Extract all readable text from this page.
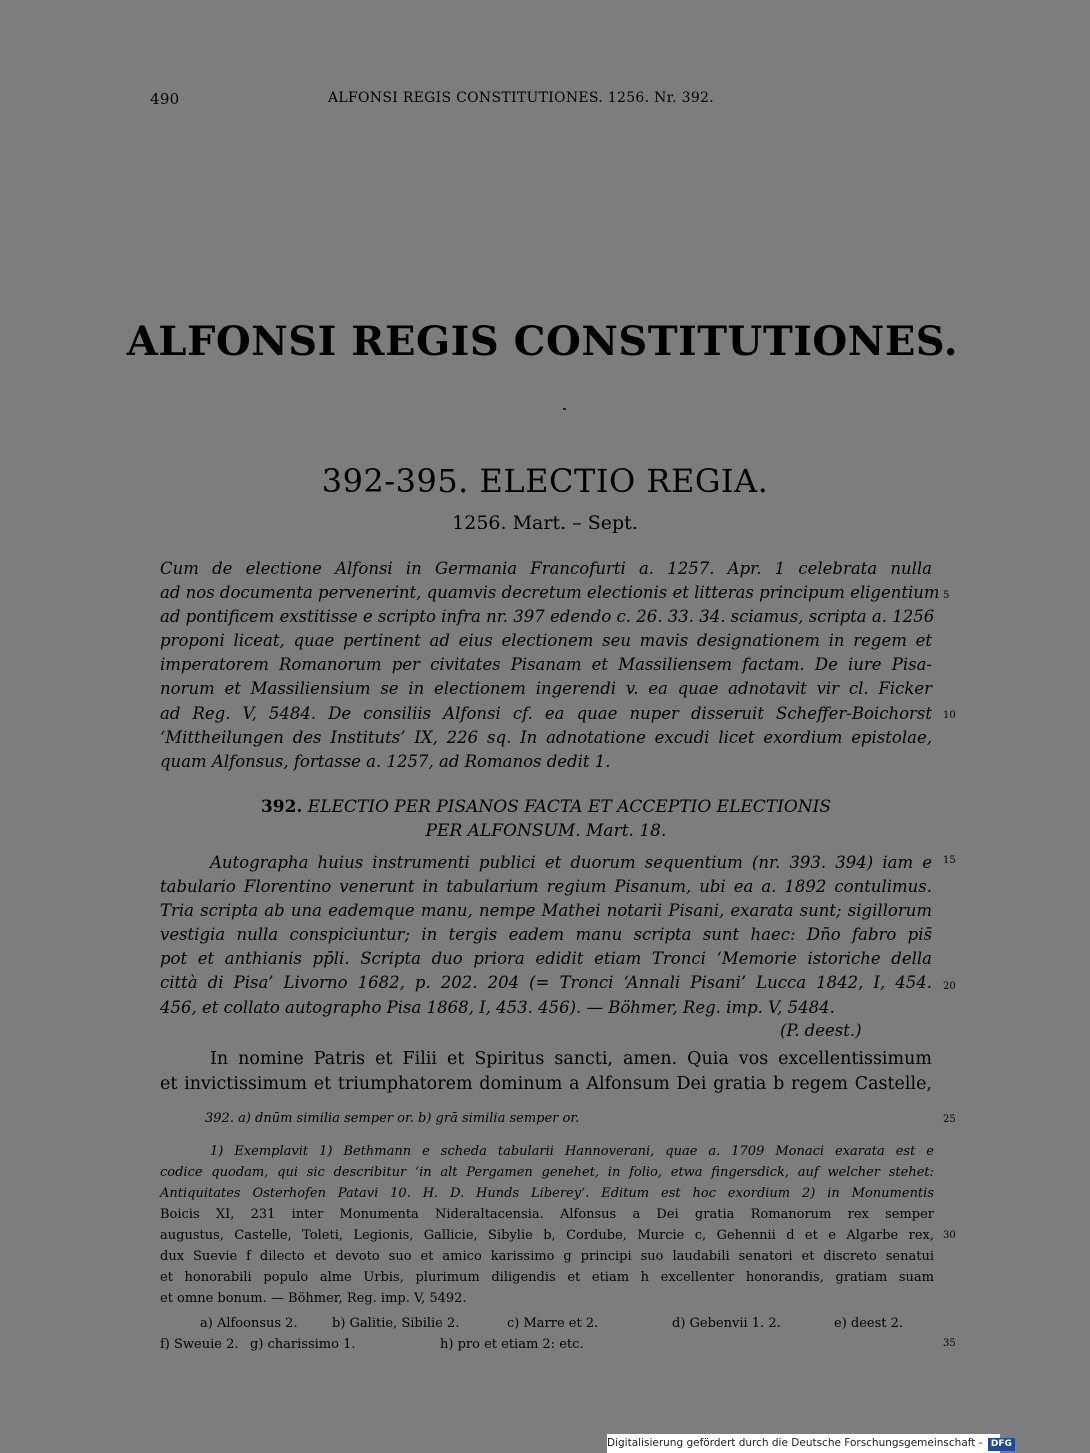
490	ALFONSI REGIS CONSTITUTIONES. 1256. Nr. 392.
ALFONSI REGIS CONSTITUTIONES.
392-395. ELECTIO REGIA.
1256. Mart. – Sept.
Cum de electione Alfonsi in Germania Francofurti a. 1257. Apr. 1 celebrata nulla
ad nos documenta pervenerint, quamvis decretum electionis et litteras principum eligentium
ad pontificem exstitisse e scripto infra nr. 397 edendo c. 26. 33. 34. sciamus, scripta a. 1256
proponi liceat, quae pertinent ad eius electionem seu mavis designationem in regem et
imperatorem Romanorum per civitates Pisanam et Massiliensem factam. De iure Pisa-
norum et Massiliensium se in electionem ingerendi v. ea quae adnotavit vir cl. Ficker
ad Reg. V, 5484. De consiliis Alfonsi cf. ea quae nuper disseruit Scheffer-Boichorst
‘Mittheilungen des Instituts’ IX, 226 sq. In adnotatione excudi licet exordium epistolae,
quam Alfonsus, fortasse a. 1257, ad Romanos dedit 1.
392. ELECTIO PER PISANOS FACTA ET ACCEPTIO ELECTIONIS
PER ALFONSUM. Mart. 18.
Autographa huius instrumenti publici et duorum sequentium (nr. 393. 394) iam e
tabulario Florentino venerunt in tabularium regium Pisanum, ubi ea a. 1892 contulimus.
Tria scripta ab una eademque manu, nempe Mathei notarii Pisani, exarata sunt; sigillorum
vestigia nulla conspiciuntur; in tergis eadem manu scripta sunt haec: Dn̄o fabro pis̄
pot et anthianis pp̄li. Scripta duo priora edidit etiam Tronci ‘Memorie istoriche della
città di Pisa’ Livorno 1682, p. 202. 204 (= Tronci ‘Annali Pisani’ Lucca 1842, I, 454.
456, et collato autographo Pisa 1868, I, 453. 456). — Böhmer, Reg. imp. V, 5484.
(P. deest.)
In nomine Patris et Filii et Spiritus sancti, amen. Quia vos excellentissimum
et invictissimum et triumphatorem dominum a Alfonsum Dei gratia b regem Castelle,
392. a) dnūm similia semper or. b) grā similia semper or.
1) Exemplavit 1) Bethmann e scheda tabularii Hannoverani, quae a. 1709 Monaci exarata est e
codice quodam, qui sic describitur ‘in alt Pergamen genehet, in folio, etwa fingersdick, auf welcher stehet:
Antiquitates Osterhofen Patavi 10. H. D. Hunds Liberey’. Editum est hoc exordium 2) in Monumentis
Boicis XI, 231 inter Monumenta Nideraltacensia. Alfonsus a Dei gratia Romanorum rex semper
augustus, Castelle, Toleti, Legionis, Gallicie, Sibylie b, Cordube, Murcie c, Gehennii d et e Algarbe rex,
dux Suevie f dilecto et devoto suo et amico karissimo g principi suo laudabili senatori et discreto senatui
et honorabili populo alme Urbis, plurimum diligendis et etiam h excellenter honorandis, gratiam suam
et omne bonum. — Böhmer, Reg. imp. V, 5492.
a) Alfoonsus 2.	b) Galitie, Sibilie 2.	c) Marre et 2.	d) Gebenvii 1. 2.	e) deest 2.
f) Sweuie 2. g) charissimo 1.	h) pro et etiam 2: etc.
5
10
15
20
25
30
35
Digitalisierung gefördert durch die Deutsche Forschungsgemeinschaft - DFG
